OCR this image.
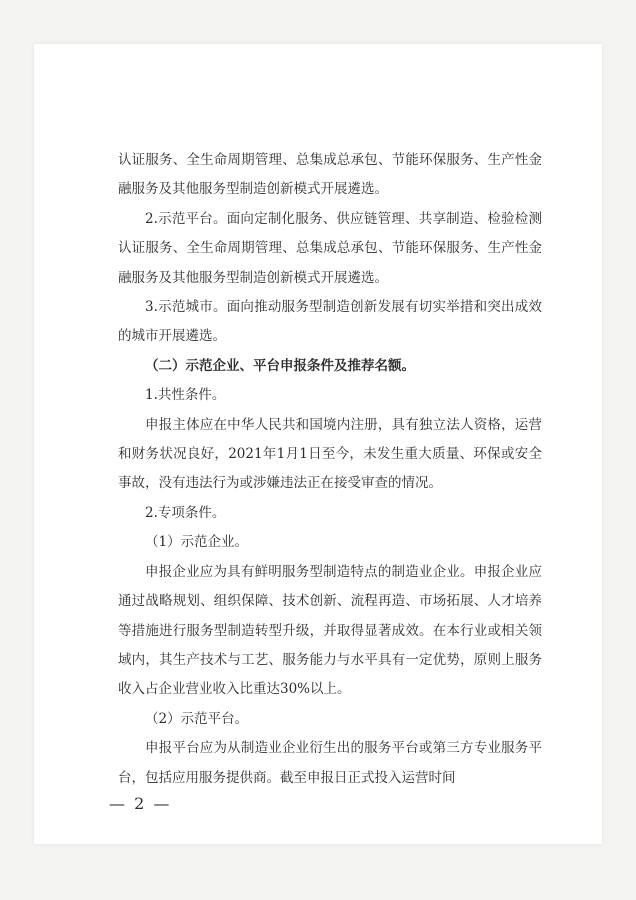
认证服务、全生命周期管理、总集成总承包、节能环保服务、生产性金融服务及其他服务型制造创新模式开展遴选。

2.示范平台。面向定制化服务、供应链管理、共享制造、检验检测认证服务、全生命周期管理、总集成总承包、节能环保服务、生产性金融服务及其他服务型制造创新模式开展遴选。

3.示范城市。面向推动服务型制造创新发展有切实举措和突出成效的城市开展遴选。

（二）示范企业、平台申报条件及推荐名额。

1.共性条件。

申报主体应在中华人民共和国境内注册，具有独立法人资格，运营和财务状况良好，2021年1月1日至今，未发生重大质量、环保或安全事故，没有违法行为或涉嫌违法正在接受审查的情况。

2.专项条件。

（1）示范企业。

申报企业应为具有鲜明服务型制造特点的制造业企业。申报企业应通过战略规划、组织保障、技术创新、流程再造、市场拓展、人才培养等措施进行服务型制造转型升级，并取得显著成效。在本行业或相关领域内，其生产技术与工艺、服务能力与水平具有一定优势，原则上服务收入占企业营业收入比重达30%以上。

（2）示范平台。

申报平台应为从制造业企业衍生出的服务平台或第三方专业服务平台，包括应用服务提供商。截至申报日正式投入运营时间

— 2 —
